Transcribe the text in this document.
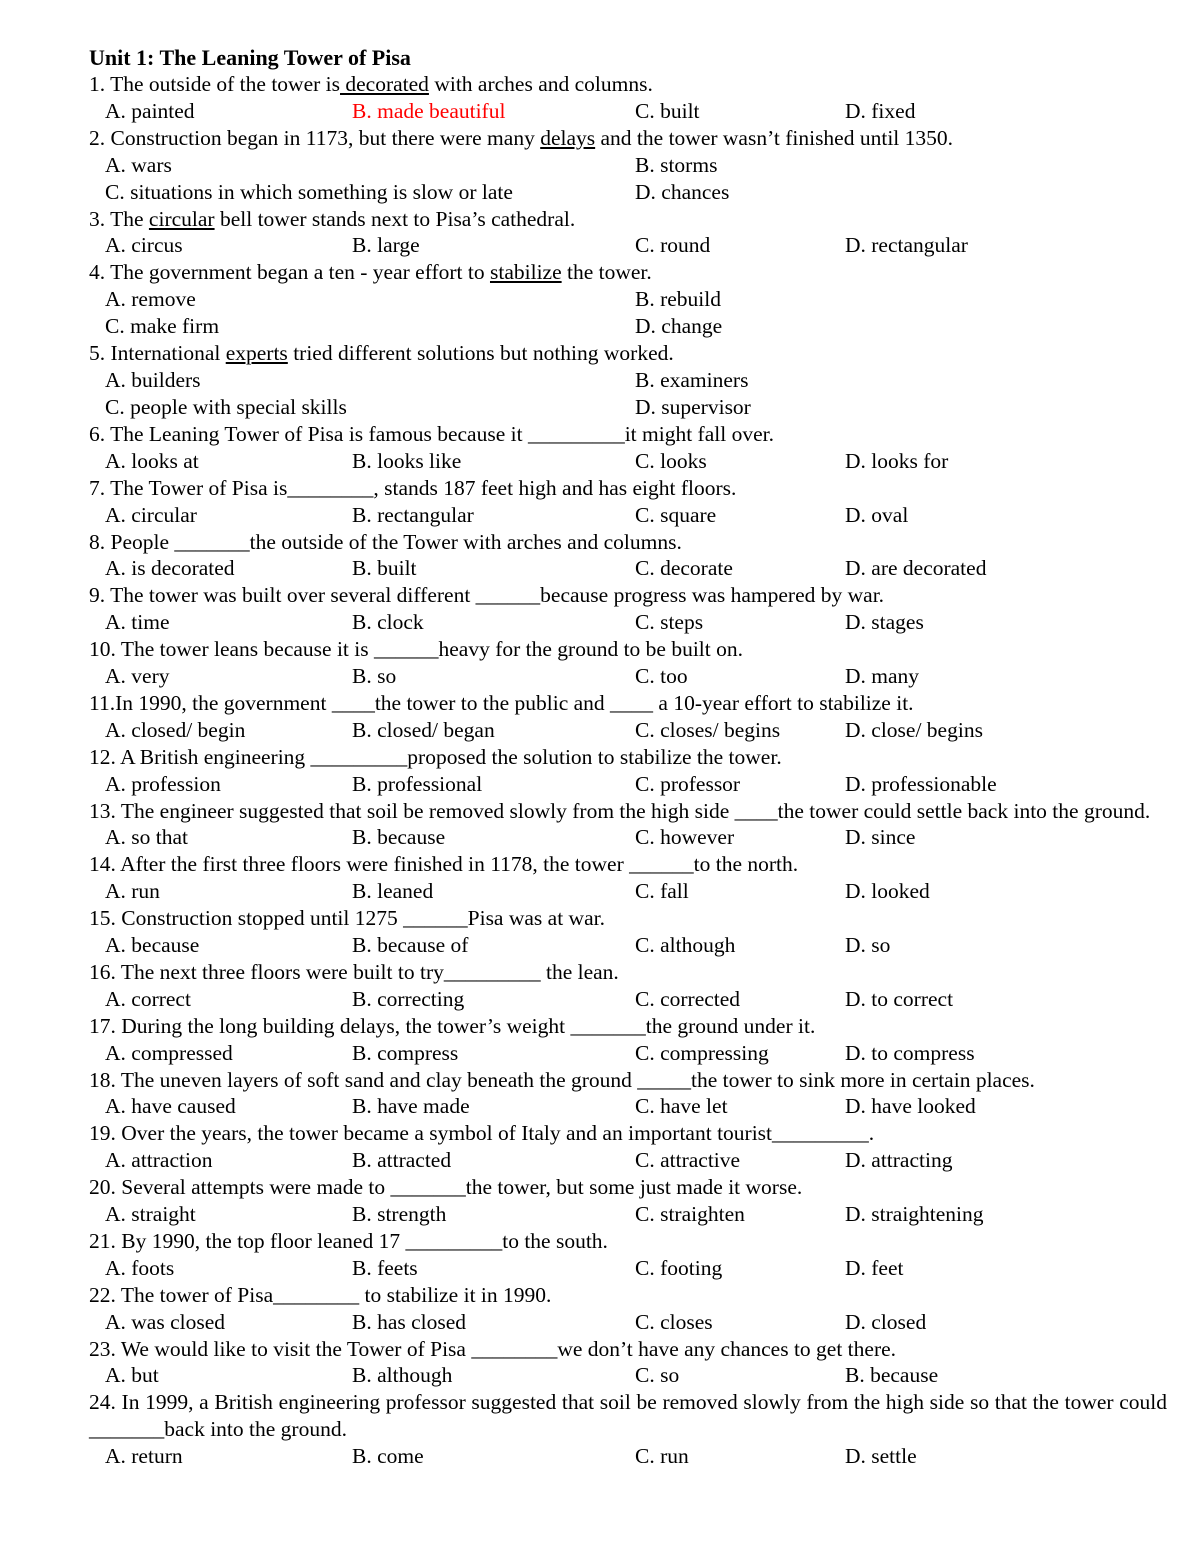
Unit 1: The Leaning Tower of Pisa
1. The outside of the tower is decorated with arches and columns.
A. painted	B. made beautiful	C. built	D. fixed
2. Construction began in 1173, but there were many delays and the tower wasn’t finished until 1350.
A. wars	B. storms
C. situations in which something is slow or late	D. chances
3. The circular bell tower stands next to Pisa’s cathedral.
A. circus	B. large	C. round	D. rectangular
4. The government began a ten - year effort to stabilize the tower.
A. remove	B. rebuild
C. make firm	D. change
5. International experts tried different solutions but nothing worked.
A. builders	B. examiners
C. people with special skills	D. supervisor
6. The Leaning Tower of Pisa is famous because it _________it might fall over.
A. looks at	B. looks like	C. looks	D. looks for
7. The Tower of Pisa is________, stands 187 feet high and has eight floors.
A. circular	B. rectangular	C. square	D. oval
8. People _______the outside of the Tower with arches and columns.
A. is decorated	B. built	C. decorate	D. are decorated
9. The tower was built over several different ______because progress was hampered by war.
A. time	B. clock	C. steps	D. stages
10. The tower leans because it is ______heavy for the ground to be built on.
A. very	B. so	C. too	D. many
11.In 1990, the government ____the tower to the public and ____ a 10-year effort to stabilize it.
A. closed/ begin	B. closed/ began	C. closes/ begins	D. close/ begins
12. A British engineering _________proposed the solution to stabilize the tower.
A. profession	B. professional	C. professor	D. professionable
13. The engineer suggested that soil be removed slowly from the high side ____the tower could settle back into the ground.
A. so that	B. because	C. however	D. since
14. After the first three floors were finished in 1178, the tower ______to the north.
A. run	B. leaned	C. fall	D. looked
15. Construction stopped until 1275 ______Pisa was at war.
A. because	B. because of	C. although	D. so
16. The next three floors were built to try_________ the lean.
A. correct	B. correcting	C. corrected	D. to correct
17. During the long building delays, the tower’s weight _______the ground under it.
A. compressed	B. compress	C. compressing	D. to compress
18. The uneven layers of soft sand and clay beneath the ground _____the tower to sink more in certain places.
A. have caused	B. have made	C. have let	D. have looked
19. Over the years, the tower became a symbol of Italy and an important tourist_________.
A. attraction	B. attracted	C. attractive	D. attracting
20. Several attempts were made to _______the tower, but some just made it worse.
A. straight	B. strength	C. straighten	D. straightening
21. By 1990, the top floor leaned 17 _________to the south.
A. foots	B. feets	C. footing	D. feet
22. The tower of Pisa________ to stabilize it in 1990.
A. was closed	B. has closed	C. closes	D. closed
23. We would like to visit the Tower of Pisa ________we don’t have any chances to get there.
A. but	B. although	C. so	B. because
24. In 1999, a British engineering professor suggested that soil be removed slowly from the high side so that the tower could _______back into the ground.
A. return	B. come	C. run	D. settle
